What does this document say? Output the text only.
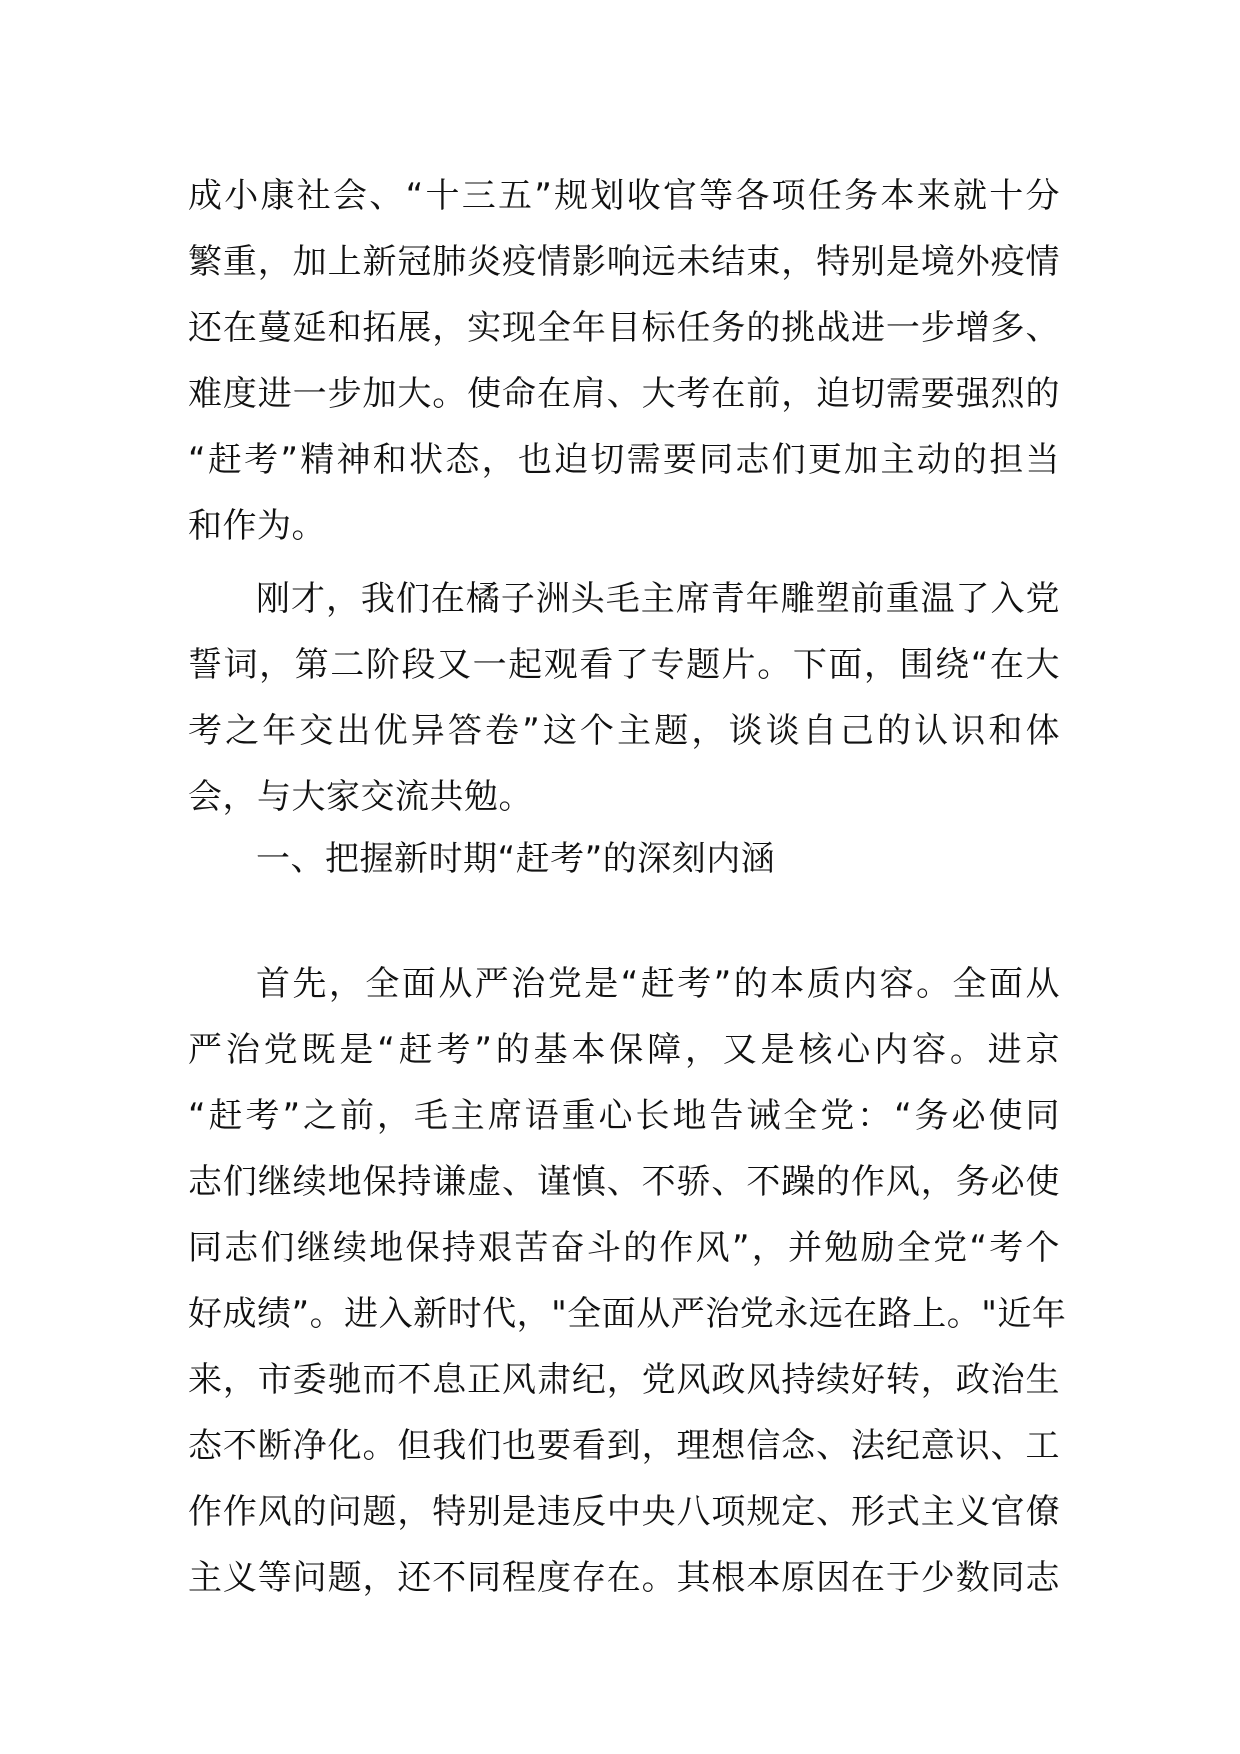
成小康社会、“十三五”规划收官等各项任务本来就十分
繁重，加上新冠肺炎疫情影响远未结束，特别是境外疫情
还在蔓延和拓展，实现全年目标任务的挑战进一步增多、
难度进一步加大。使命在肩、大考在前，迫切需要强烈的
“赶考”精神和状态，也迫切需要同志们更加主动的担当
和作为。
刚才，我们在橘子洲头毛主席青年雕塑前重温了入党
誓词，第二阶段又一起观看了专题片。下面，围绕“在大
考之年交出优异答卷”这个主题，谈谈自己的认识和体
会，与大家交流共勉。
一、把握新时期“赶考”的深刻内涵
首先，全面从严治党是“赶考”的本质内容。全面从
严治党既是“赶考”的基本保障，又是核心内容。进京
“赶考”之前，毛主席语重心长地告诫全党：“务必使同
志们继续地保持谦虚、谨慎、不骄、不躁的作风，务必使
同志们继续地保持艰苦奋斗的作风”，并勉励全党“考个
好成绩”。进入新时代，"全面从严治党永远在路上。"近年
来，市委驰而不息正风肃纪，党风政风持续好转，政治生
态不断净化。但我们也要看到，理想信念、法纪意识、工
作作风的问题，特别是违反中央八项规定、形式主义官僚
主义等问题，还不同程度存在。其根本原因在于少数同志
